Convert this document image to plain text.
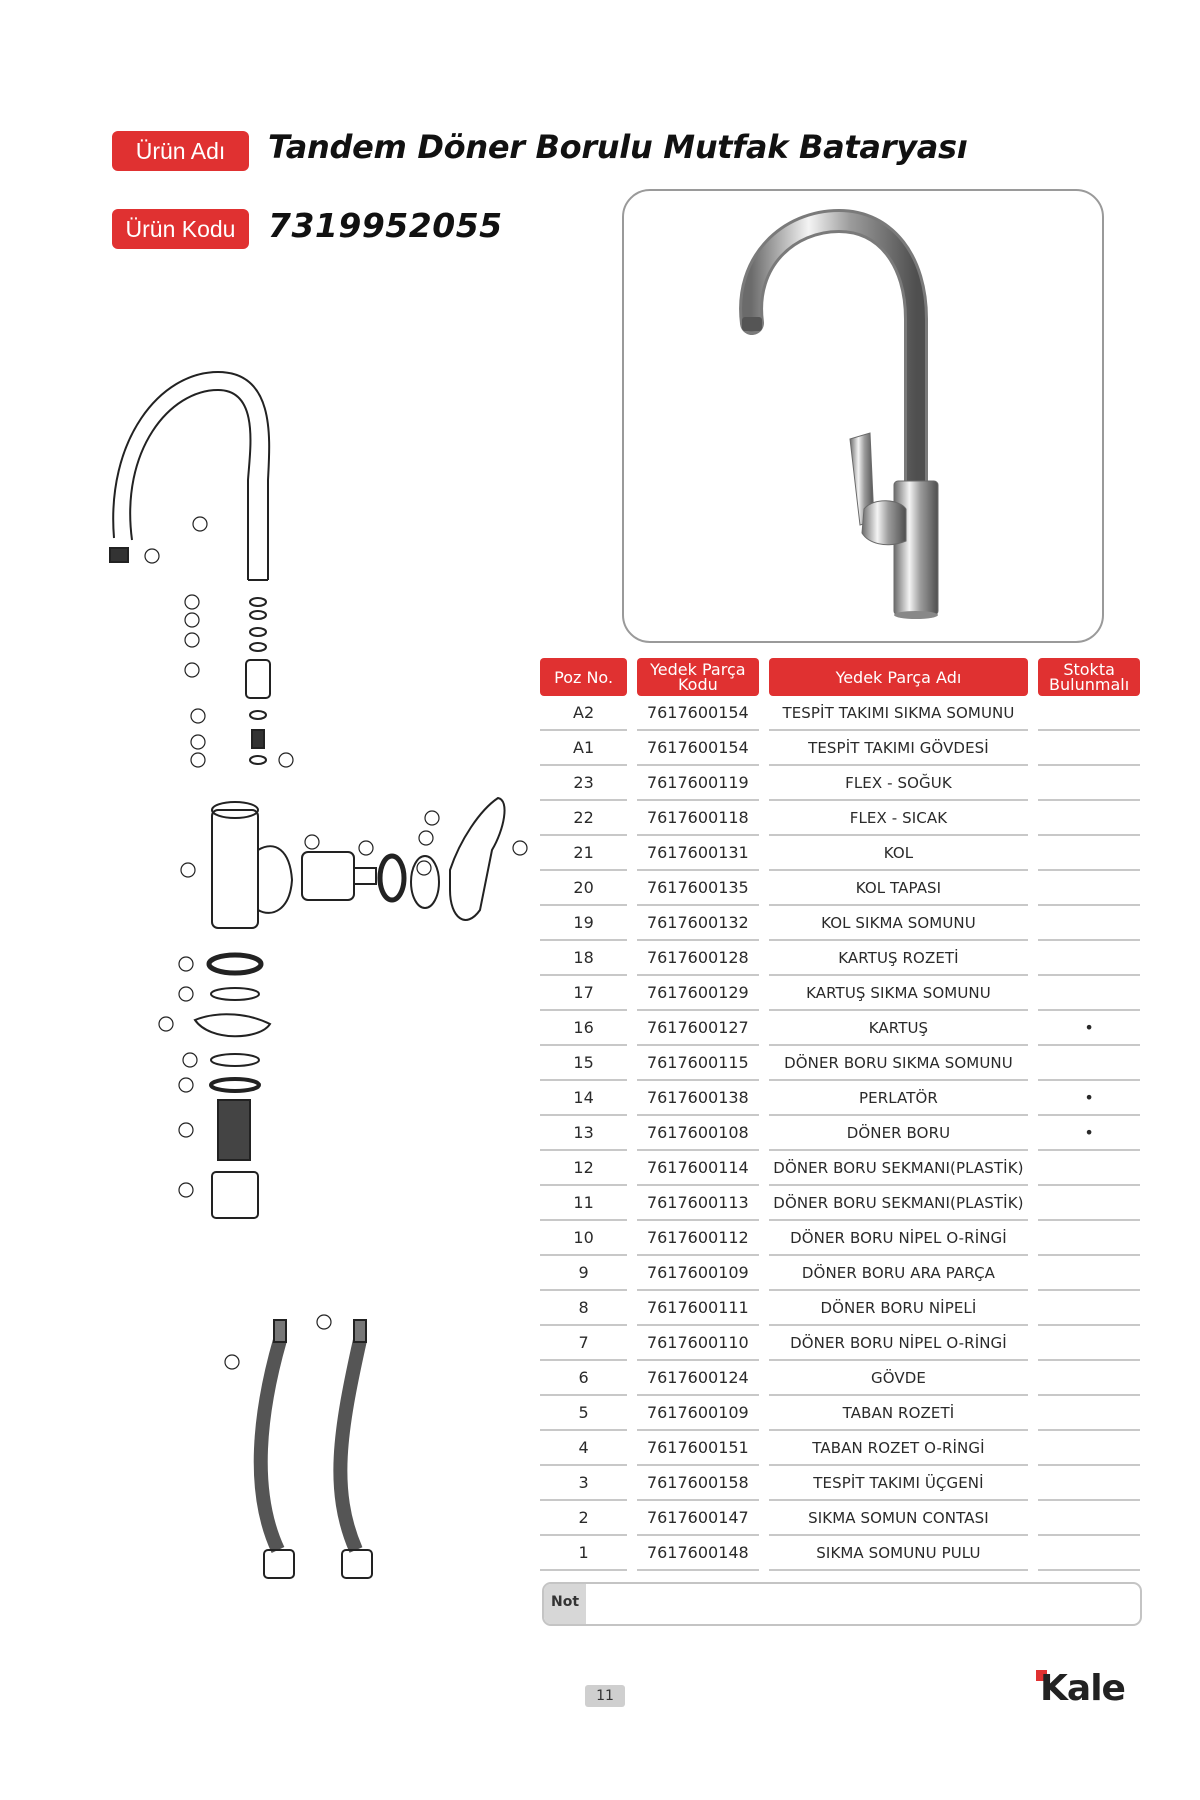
Ürün Adı	Tandem Döner Borulu Mutfak Bataryası
Ürün Kodu 7319952055
Poz No.		Yedek Parça Kodu		Yedek Parça Adı		Stokta Bulunmalı
A2		7617600154		TESPİT TAKIMI SIKMA SOMUNU		
A1		7617600154		TESPİT TAKIMI GÖVDESİ		
23		7617600119		FLEX - SOĞUK		
22		7617600118		FLEX - SICAK		
21		7617600131		KOL		
20		7617600135		KOL TAPASI		
19		7617600132		KOL SIKMA SOMUNU		
18		7617600128		KARTUŞ ROZETİ		
17		7617600129		KARTUŞ SIKMA SOMUNU		
16		7617600127		KARTUŞ		•
15		7617600115		DÖNER BORU SIKMA SOMUNU		
14		7617600138		PERLATÖR		•
13		7617600108		DÖNER BORU		•
12		7617600114		DÖNER BORU SEKMANI(PLASTİK)		
11		7617600113		DÖNER BORU SEKMANI(PLASTİK)		
10		7617600112		DÖNER BORU NİPEL O-RİNGİ		
9		7617600109		DÖNER BORU ARA PARÇA		
8		7617600111		DÖNER BORU NİPELİ		
7		7617600110		DÖNER BORU NİPEL O-RİNGİ		
6		7617600124		GÖVDE		
5		7617600109		TABAN ROZETİ		
4		7617600151		TABAN ROZET O-RİNGİ		
3		7617600158		TESPİT TAKIMI ÜÇGENİ		
2		7617600147		SIKMA SOMUN CONTASI		
1		7617600148		SIKMA SOMUNU PULU		
Not
11	Kale
